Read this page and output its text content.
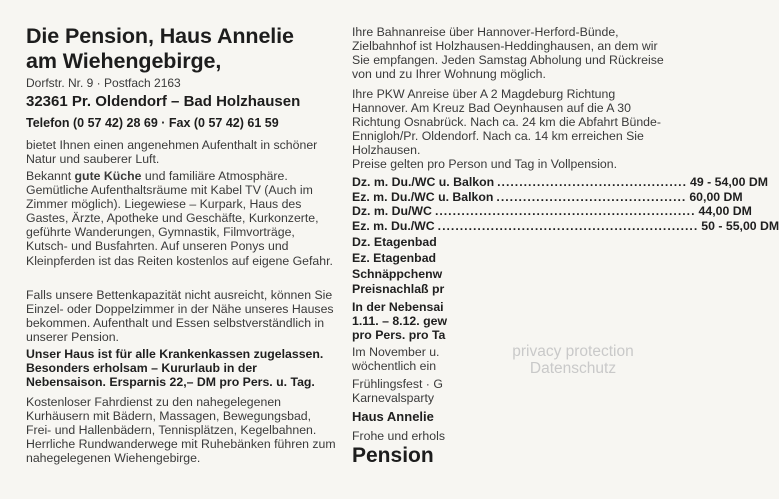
Die Pension, Haus Annelie
am Wiehengebirge,
Dorfstr. Nr. 9 · Postfach 2163
32361 Pr. Oldendorf – Bad Holzhausen
Telefon (0 57 42) 28 69 · Fax (0 57 42) 61 59

bietet Ihnen einen angenehmen Aufenthalt in schöner Natur und sauberer Luft.

Bekannt gute Küche und familiäre Atmosphäre. Gemütliche Aufenthaltsräume mit Kabel TV (Auch im Zimmer möglich). Liegewiese – Kurpark, Haus des Gastes, Ärzte, Apotheke und Geschäfte, Kurkonzerte, geführte Wanderungen, Gymnastik, Filmvorträge, Kutsch- und Busfahrten. Auf unseren Ponys und Kleinpferden ist das Reiten kostenlos auf eigene Gefahr.

Falls unsere Bettenkapazität nicht ausreicht, können Sie Einzel- oder Doppelzimmer in der Nähe unseres Hauses bekommen. Aufenthalt und Essen selbstverständlich in unserer Pension.

Unser Haus ist für alle Krankenkassen zugelassen. Besonders erholsam – Kururlaub in der Nebensaison. Ersparnis 22,– DM pro Pers. u. Tag.

Kostenloser Fahrdienst zu den nahegelegenen Kurhäusern mit Bädern, Massagen, Bewegungsbad, Frei- und Hallenbädern, Tennisplätzen, Kegelbahnen. Herrliche Rundwanderwege mit Ruhebänken führen zum nahegelegenen Wiehengebirge.

Ihre Bahnanreise über Hannover-Herford-Bünde, Zielbahnhof ist Holzhausen-Heddinghausen, an dem wir Sie empfangen. Jeden Samstag Abholung und Rückreise von und zu Ihrer Wohnung möglich.

Ihre PKW Anreise über A 2 Magdeburg Richtung Hannover. Am Kreuz Bad Oeynhausen auf die A 30 Richtung Osnabrück. Nach ca. 24 km die Abfahrt Bünde-Ennigloh/Pr. Oldendorf. Nach ca. 14 km erreichen Sie Holzhausen.

Preise gelten pro Person und Tag in Vollpension.
Dz. m. Du./WC u. Balkon ........................................... 49 - 54,00 DM
Ez. m. Du./WC u. Balkon ........................................... 60,00 DM
Dz. m. Du/WC ........................................................... 44,00 DM
Ez. m. Du./WC ........................................................... 50 - 55,00 DM
Dz. Etagenbad
Ez. Etagenbad
Schnäppchenw
Preisnachlaß pr
In der Nebensai
1.11. – 8.12. gew
pro Pers. pro Ta
Im November u.
wöchentlich ein
Frühlingsfest · G
Karnevalsparty
Haus Annelie
Frohe und erhols
Pension
privacy protection
Datenschutz
